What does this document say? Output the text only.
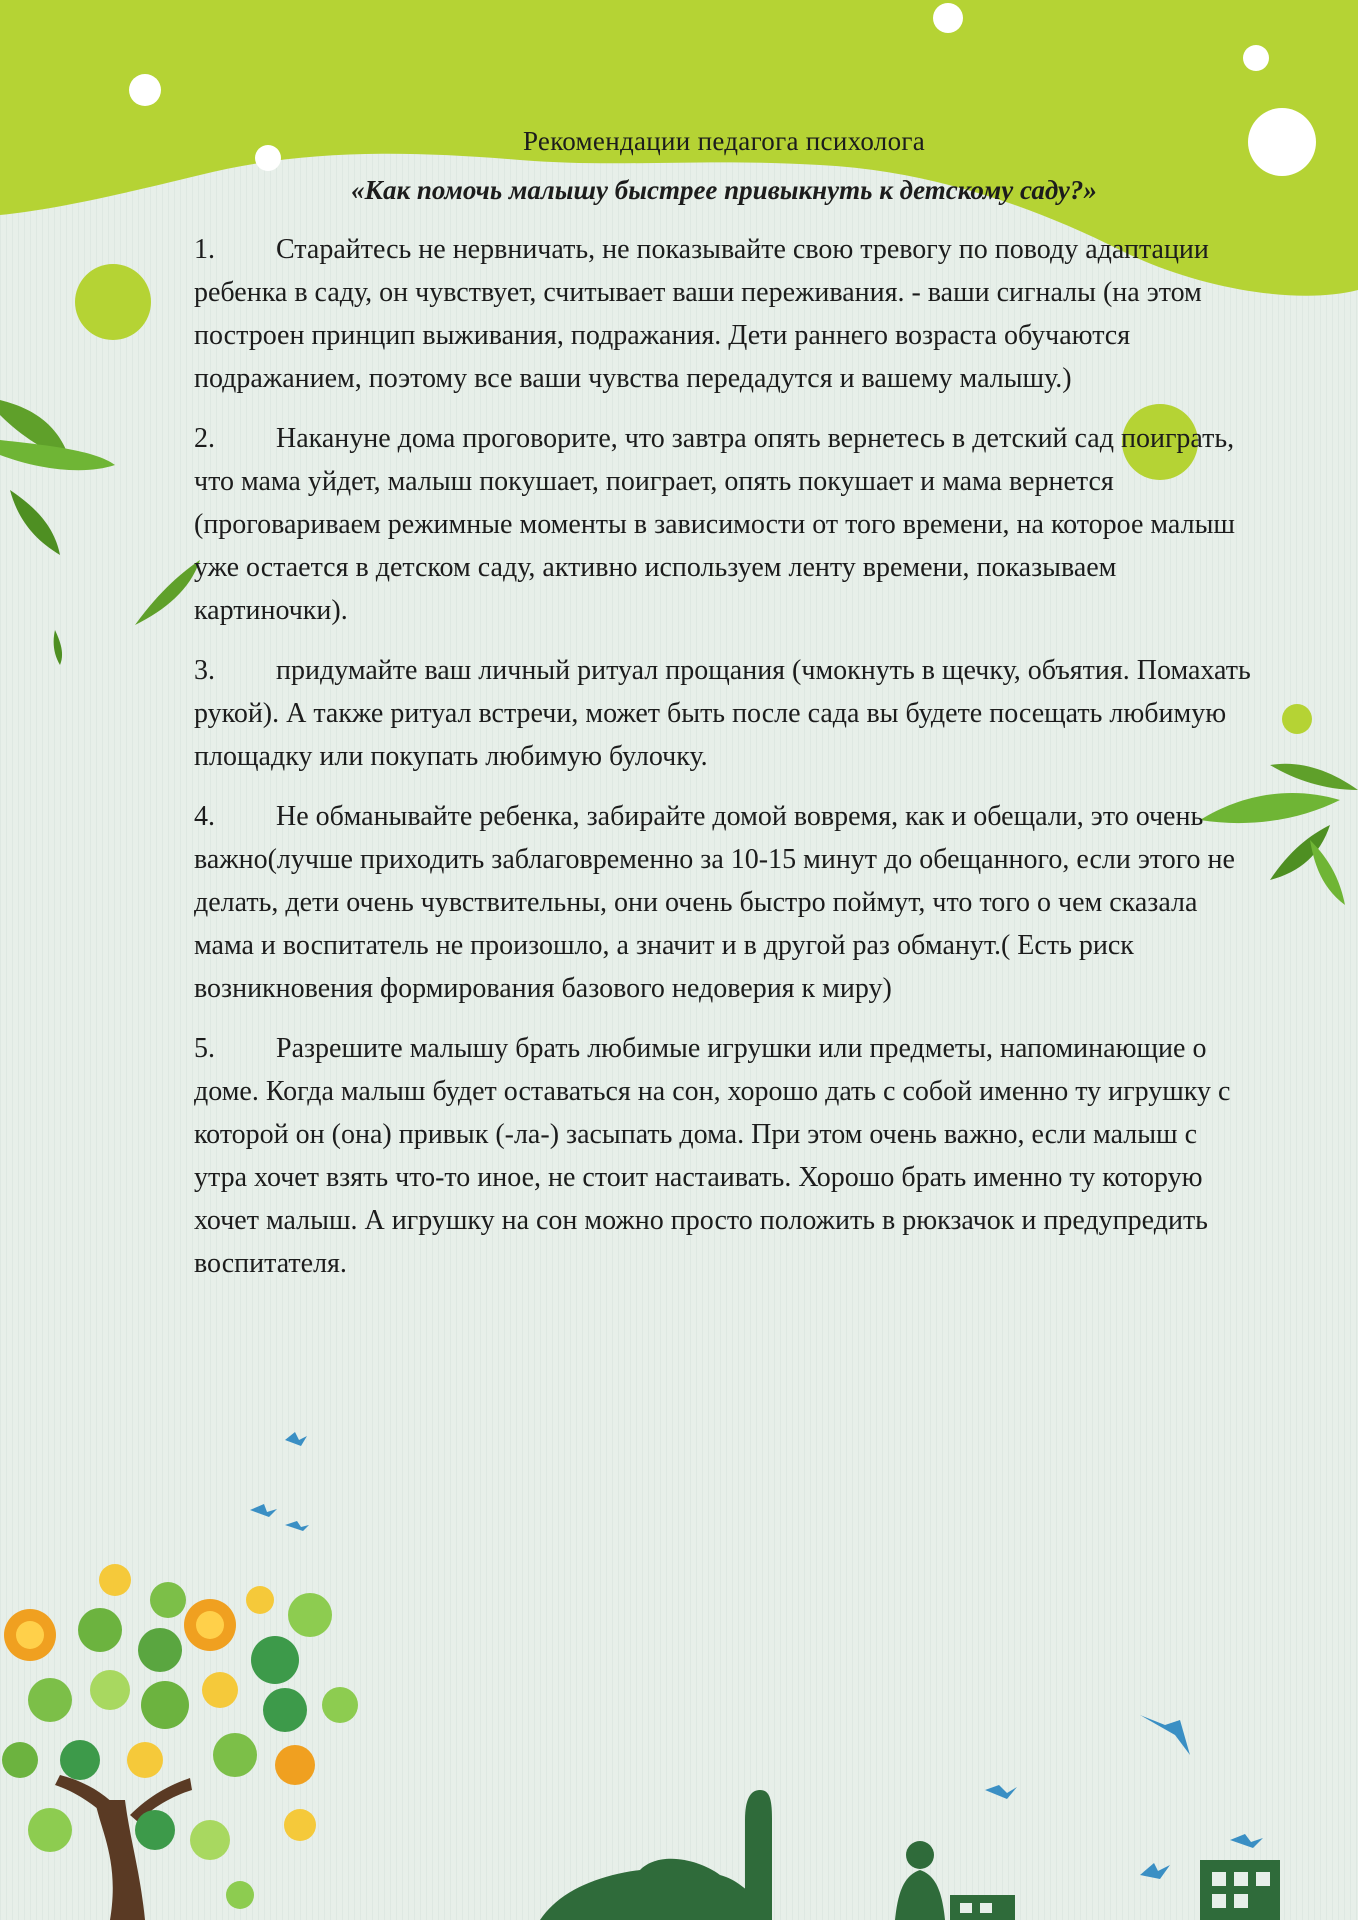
Рекомендации педагога психолога
«Как помочь малышу быстрее привыкнуть к детскому саду?»
1. Старайтесь не нервничать, не показывайте свою тревогу по поводу адаптации ребенка в саду, он чувствует, считывает ваши переживания. - ваши сигналы (на этом построен принцип выживания, подражания. Дети раннего возраста обучаются подражанием, поэтому все ваши чувства передадутся и вашему малышу.)
2. Накануне дома проговорите, что завтра опять вернетесь в детский сад поиграть, что мама уйдет, малыш покушает, поиграет, опять покушает и мама вернется (проговариваем режимные моменты в зависимости от того времени, на которое малыш уже остается в детском саду, активно используем ленту времени, показываем картиночки).
3. придумайте ваш личный ритуал прощания (чмокнуть в щечку, объятия. Помахать рукой). А также ритуал встречи, может быть после сада вы будете посещать любимую площадку или покупать любимую булочку.
4. Не обманывайте ребенка, забирайте домой вовремя, как и обещали, это очень важно(лучше приходить заблаговременно за 10-15 минут до обещанного, если этого не делать, дети очень чувствительны, они очень быстро поймут, что того о чем сказала мама и воспитатель не произошло, а значит и в другой раз обманут.( Есть риск возникновения формирования базового недоверия к миру)
5. Разрешите малышу брать любимые игрушки или предметы, напоминающие о доме. Когда малыш будет оставаться на сон, хорошо дать с собой именно ту игрушку с которой он (она) привык (-ла-) засыпать дома. При этом очень важно, если малыш с утра хочет взять что-то иное, не стоит настаивать. Хорошо брать именно ту которую хочет малыш. А игрушку на сон можно просто положить в рюкзачок и предупредить воспитателя.
